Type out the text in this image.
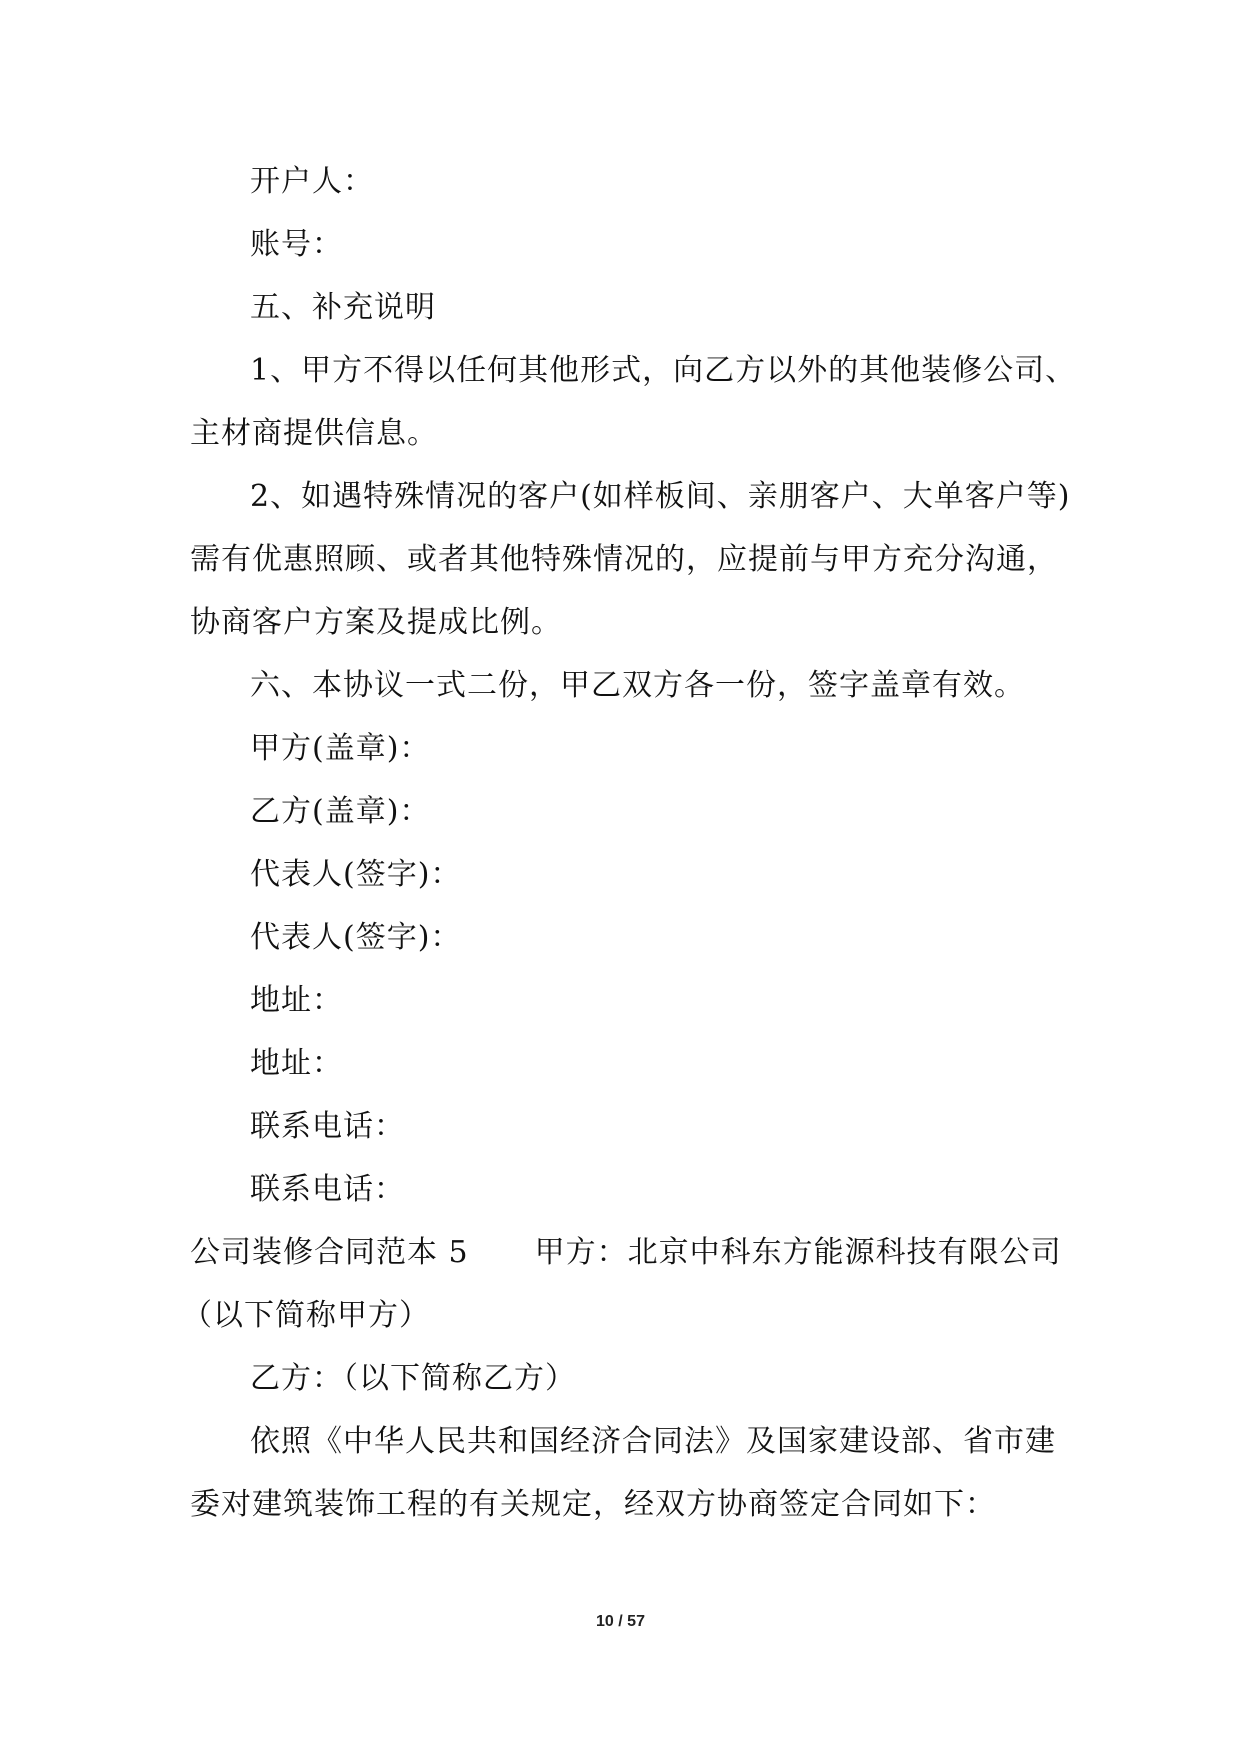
开户人：
账号：
五、补充说明
1、甲方不得以任何其他形式，向乙方以外的其他装修公司、
主材商提供信息。
2、如遇特殊情况的客户(如样板间、亲朋客户、大单客户等)
需有优惠照顾、或者其他特殊情况的，应提前与甲方充分沟通，
协商客户方案及提成比例。
六、本协议一式二份，甲乙双方各一份，签字盖章有效。
甲方(盖章)：
乙方(盖章)：
代表人(签字)：
代表人(签字)：
地址：
地址：
联系电话：
联系电话：
公司装修合同范本 5 甲方：北京中科东方能源科技有限公司
（以下简称甲方）
乙方：（以下简称乙方）
依照《中华人民共和国经济合同法》及国家建设部、省市建
委对建筑装饰工程的有关规定，经双方协商签定合同如下：
10 / 57
